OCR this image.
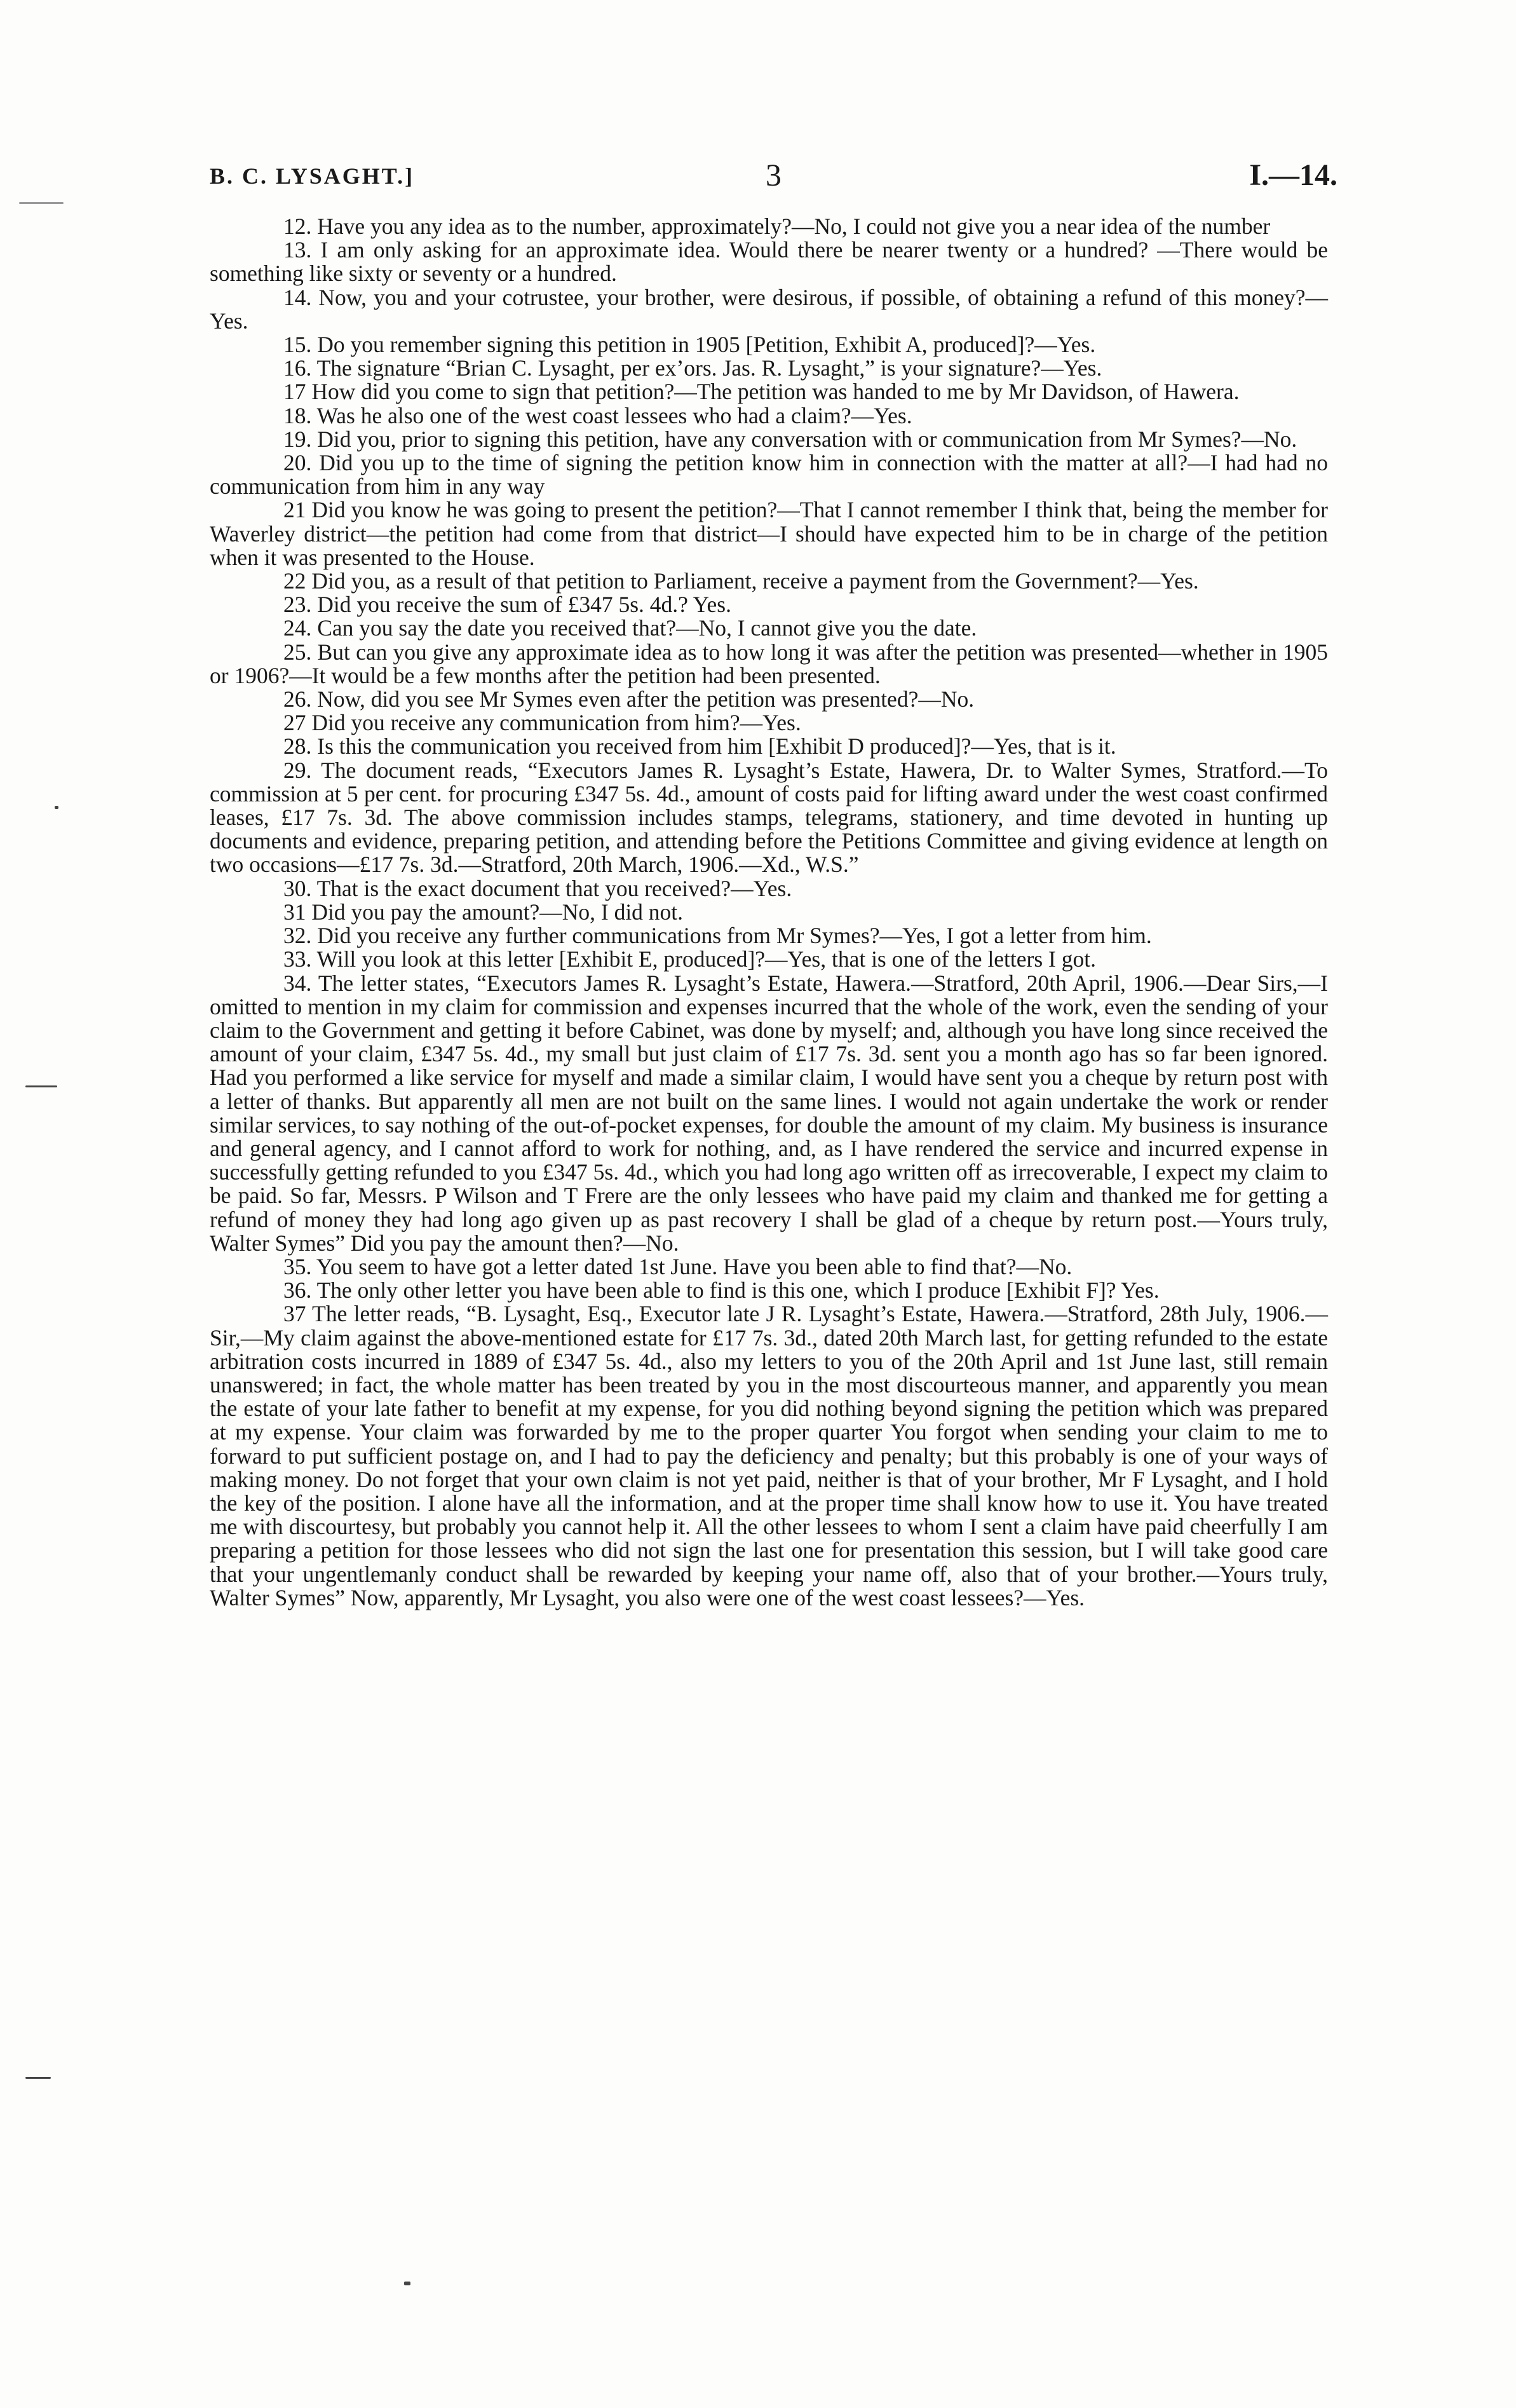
B. C. LYSAGHT.]	3	I.—14.

12. Have you any idea as to the number, approximately?—No, I could not give you a near idea of the number

13. I am only asking for an approximate idea. Would there be nearer twenty or a hundred? —There would be something like sixty or seventy or a hundred.

14. Now, you and your cotrustee, your brother, were desirous, if possible, of obtaining a refund of this money?—Yes.

15. Do you remember signing this petition in 1905 [Petition, Exhibit A, produced]?—Yes.

16. The signature “Brian C. Lysaght, per ex’ors. Jas. R. Lysaght,” is your signature?—Yes.

17 How did you come to sign that petition?—The petition was handed to me by Mr Davidson, of Hawera.

18. Was he also one of the west coast lessees who had a claim?—Yes.

19. Did you, prior to signing this petition, have any conversation with or communication from Mr Symes?—No.

20. Did you up to the time of signing the petition know him in connection with the matter at all?—I had had no communication from him in any way

21 Did you know he was going to present the petition?—That I cannot remember I think that, being the member for Waverley district—the petition had come from that district—I should have expected him to be in charge of the petition when it was presented to the House.

22 Did you, as a result of that petition to Parliament, receive a payment from the Government?—Yes.

23. Did you receive the sum of £347 5s. 4d.? Yes.

24. Can you say the date you received that?—No, I cannot give you the date.

25. But can you give any approximate idea as to how long it was after the petition was presented—whether in 1905 or 1906?—It would be a few months after the petition had been presented.

26. Now, did you see Mr Symes even after the petition was presented?—No.

27 Did you receive any communication from him?—Yes.

28. Is this the communication you received from him [Exhibit D produced]?—Yes, that is it.

29. The document reads, “Executors James R. Lysaght’s Estate, Hawera, Dr. to Walter Symes, Stratford.—To commission at 5 per cent. for procuring £347 5s. 4d., amount of costs paid for lifting award under the west coast confirmed leases, £17 7s. 3d. The above commission includes stamps, telegrams, stationery, and time devoted in hunting up documents and evidence, preparing petition, and attending before the Petitions Committee and giving evidence at length on two occasions—£17 7s. 3d.—Stratford, 20th March, 1906.—Xd., W.S.”

30. That is the exact document that you received?—Yes.

31 Did you pay the amount?—No, I did not.

32. Did you receive any further communications from Mr Symes?—Yes, I got a letter from him.

33. Will you look at this letter [Exhibit E, produced]?—Yes, that is one of the letters I got.

34. The letter states, “Executors James R. Lysaght’s Estate, Hawera.—Stratford, 20th April, 1906.—Dear Sirs,—I omitted to mention in my claim for commission and expenses incurred that the whole of the work, even the sending of your claim to the Government and getting it before Cabinet, was done by myself; and, although you have long since received the amount of your claim, £347 5s. 4d., my small but just claim of £17 7s. 3d. sent you a month ago has so far been ignored. Had you performed a like service for myself and made a similar claim, I would have sent you a cheque by return post with a letter of thanks. But apparently all men are not built on the same lines. I would not again undertake the work or render similar services, to say nothing of the out-of-pocket expenses, for double the amount of my claim. My business is insurance and general agency, and I cannot afford to work for nothing, and, as I have rendered the service and incurred expense in successfully getting refunded to you £347 5s. 4d., which you had long ago written off as irrecoverable, I expect my claim to be paid. So far, Messrs. P Wilson and T Frere are the only lessees who have paid my claim and thanked me for getting a refund of money they had long ago given up as past recovery I shall be glad of a cheque by return post.—Yours truly, Walter Symes” Did you pay the amount then?—No.

35. You seem to have got a letter dated 1st June. Have you been able to find that?—No.

36. The only other letter you have been able to find is this one, which I produce [Exhibit F]? Yes.

37 The letter reads, “B. Lysaght, Esq., Executor late J R. Lysaght’s Estate, Hawera.—Stratford, 28th July, 1906.—Sir,—My claim against the above-mentioned estate for £17 7s. 3d., dated 20th March last, for getting refunded to the estate arbitration costs incurred in 1889 of £347 5s. 4d., also my letters to you of the 20th April and 1st June last, still remain unanswered; in fact, the whole matter has been treated by you in the most discourteous manner, and apparently you mean the estate of your late father to benefit at my expense, for you did nothing beyond signing the petition which was prepared at my expense. Your claim was forwarded by me to the proper quarter You forgot when sending your claim to me to forward to put sufficient postage on, and I had to pay the deficiency and penalty; but this probably is one of your ways of making money. Do not forget that your own claim is not yet paid, neither is that of your brother, Mr F Lysaght, and I hold the key of the position. I alone have all the information, and at the proper time shall know how to use it. You have treated me with discourtesy, but probably you cannot help it. All the other lessees to whom I sent a claim have paid cheerfully I am preparing a petition for those lessees who did not sign the last one for presentation this session, but I will take good care that your ungentlemanly conduct shall be rewarded by keeping your name off, also that of your brother.—Yours truly, Walter Symes” Now, apparently, Mr Lysaght, you also were one of the west coast lessees?—Yes.
